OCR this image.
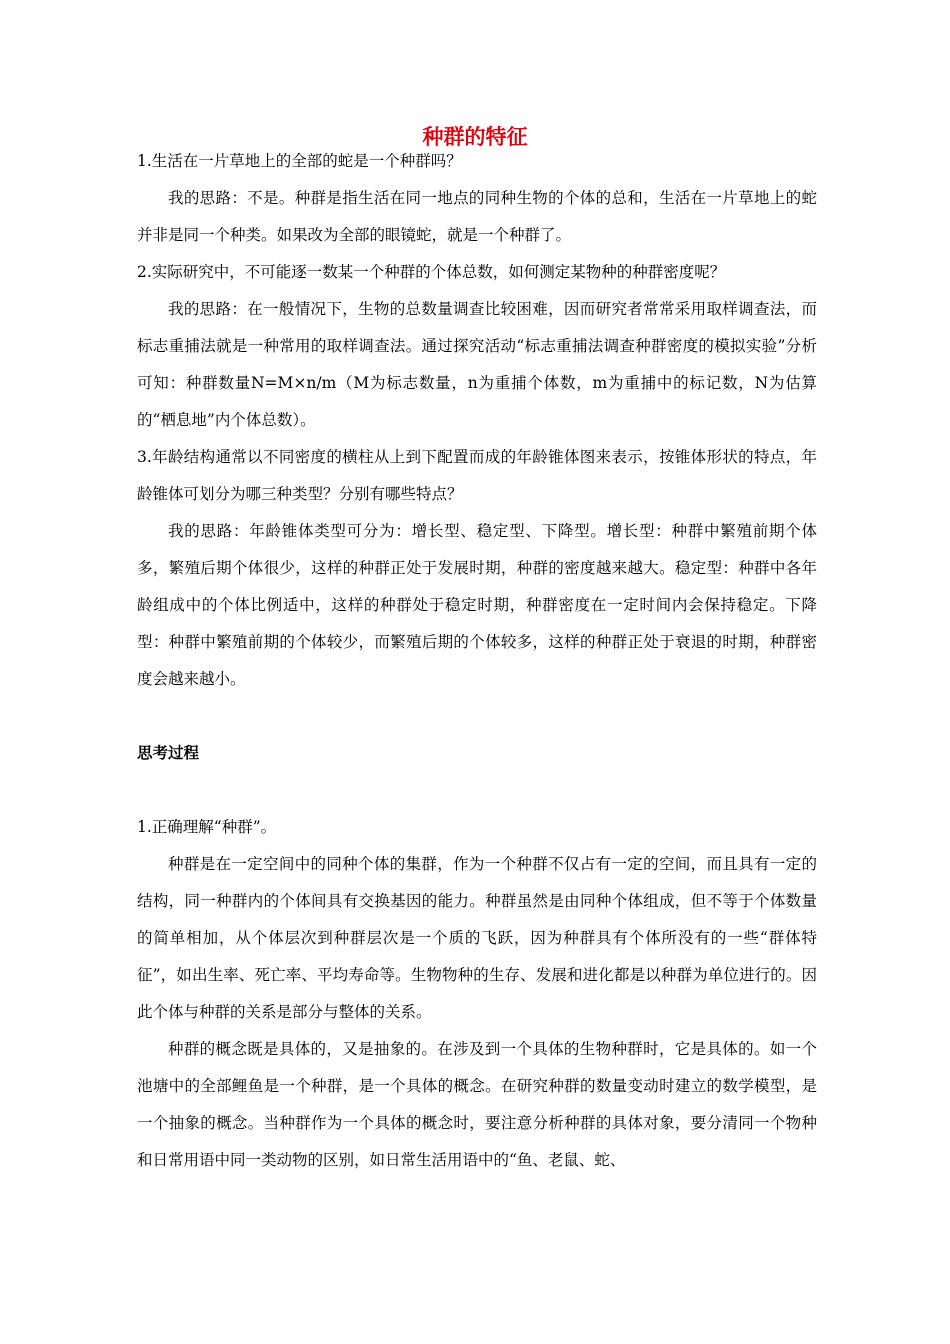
种群的特征

1.生活在一片草地上的全部的蛇是一个种群吗？

我的思路：不是。种群是指生活在同一地点的同种生物的个体的总和，生活在一片草地上的蛇并非是同一个种类。如果改为全部的眼镜蛇，就是一个种群了。

2.实际研究中，不可能逐一数某一个种群的个体总数，如何测定某物种的种群密度呢？

我的思路：在一般情况下，生物的总数量调查比较困难，因而研究者常常采用取样调查法，而标志重捕法就是一种常用的取样调查法。通过探究活动“标志重捕法调查种群密度的模拟实验”分析可知：种群数量N=M×n/m（M为标志数量，n为重捕个体数，m为重捕中的标记数，N为估算的“栖息地”内个体总数）。

3.年龄结构通常以不同密度的横柱从上到下配置而成的年龄锥体图来表示，按锥体形状的特点，年龄锥体可划分为哪三种类型？分别有哪些特点？

我的思路：年龄锥体类型可分为：增长型、稳定型、下降型。增长型：种群中繁殖前期个体多，繁殖后期个体很少，这样的种群正处于发展时期，种群的密度越来越大。稳定型：种群中各年龄组成中的个体比例适中，这样的种群处于稳定时期，种群密度在一定时间内会保持稳定。下降型：种群中繁殖前期的个体较少，而繁殖后期的个体较多，这样的种群正处于衰退的时期，种群密度会越来越小。

思考过程

1.正确理解“种群”。

种群是在一定空间中的同种个体的集群，作为一个种群不仅占有一定的空间，而且具有一定的结构，同一种群内的个体间具有交换基因的能力。种群虽然是由同种个体组成，但不等于个体数量的简单相加，从个体层次到种群层次是一个质的飞跃，因为种群具有个体所没有的一些“群体特征”，如出生率、死亡率、平均寿命等。生物物种的生存、发展和进化都是以种群为单位进行的。因此个体与种群的关系是部分与整体的关系。

种群的概念既是具体的，又是抽象的。在涉及到一个具体的生物种群时，它是具体的。如一个池塘中的全部鲤鱼是一个种群，是一个具体的概念。在研究种群的数量变动时建立的数学模型，是一个抽象的概念。当种群作为一个具体的概念时，要注意分析种群的具体对象，要分清同一个物种和日常用语中同一类动物的区别，如日常生活用语中的“鱼、老鼠、蛇、
